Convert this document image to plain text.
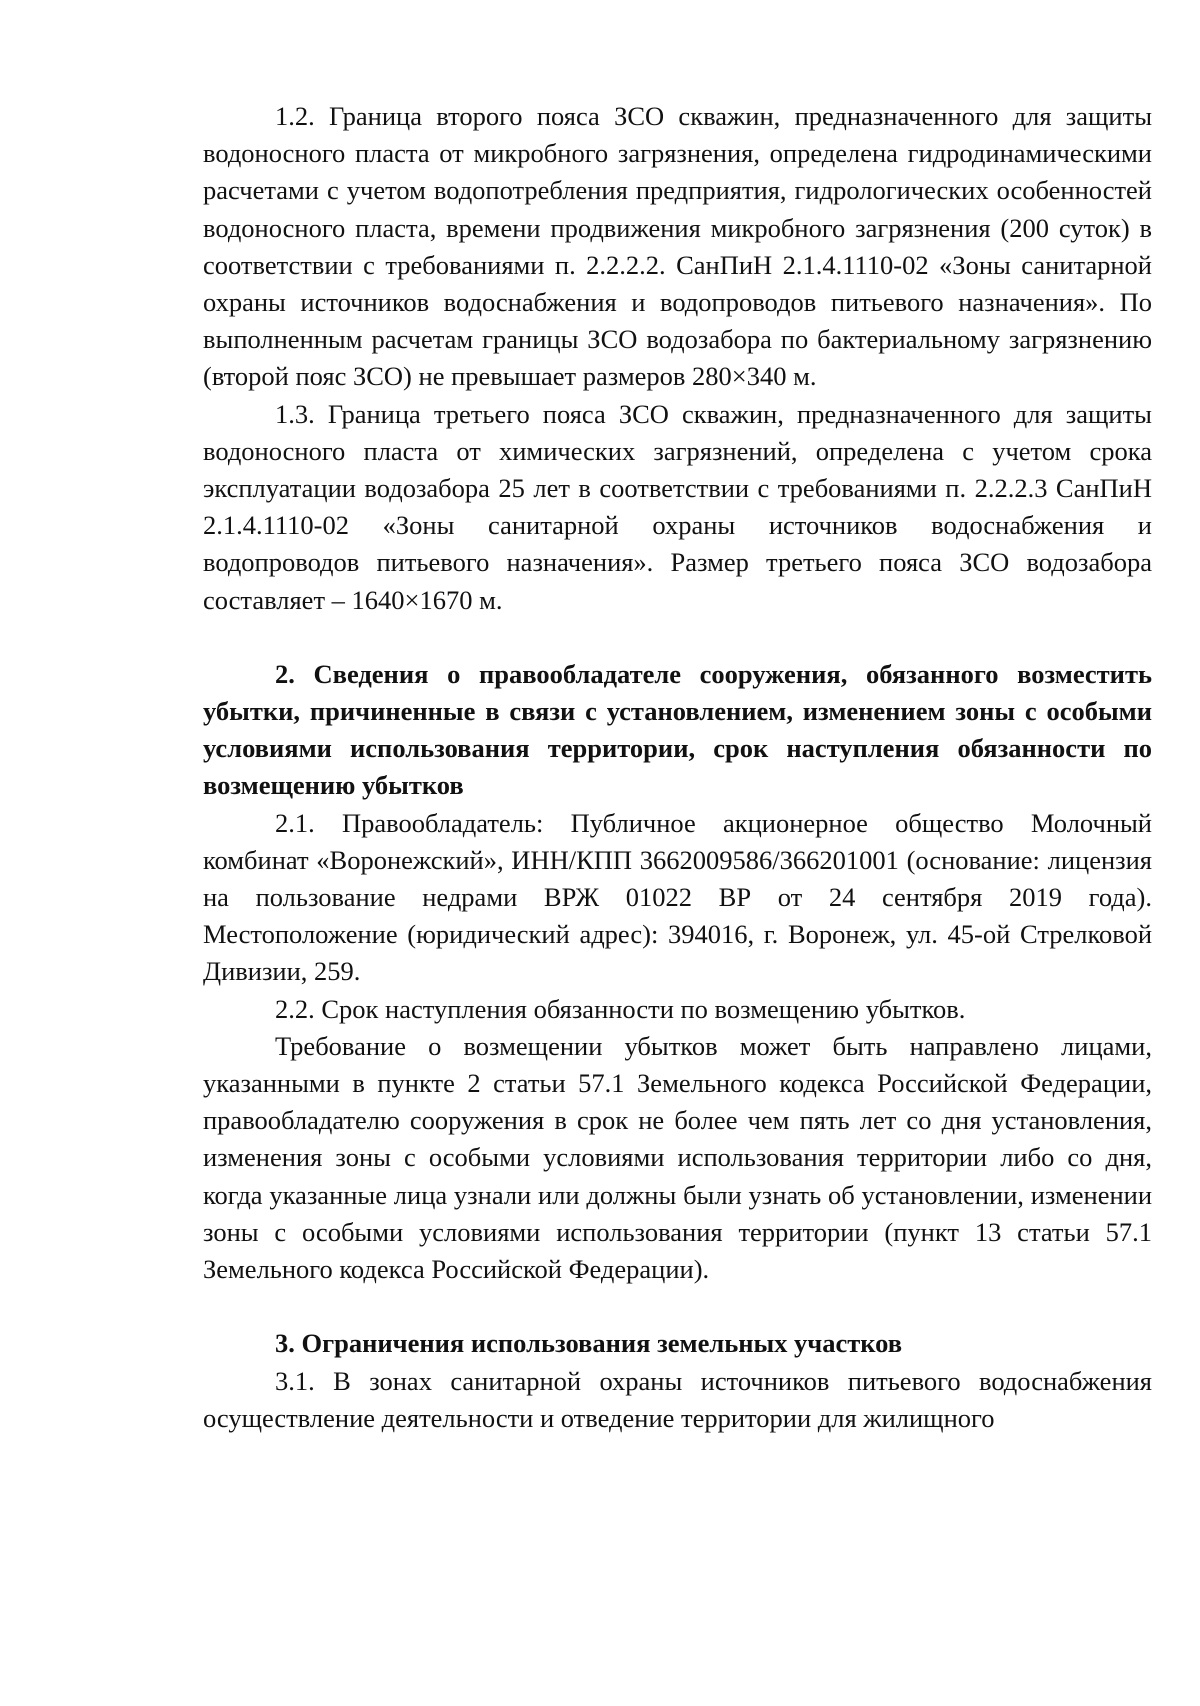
1.2. Граница второго пояса ЗСО скважин, предназначенного для защиты водоносного пласта от микробного загрязнения, определена гидродинамическими расчетами с учетом водопотребления предприятия, гидрологических особенностей водоносного пласта, времени продвижения микробного загрязнения (200 суток) в соответствии с требованиями п. 2.2.2.2. СанПиН 2.1.4.1110-02 «Зоны санитарной охраны источников водоснабжения и водопроводов питьевого назначения». По выполненным расчетам границы ЗСО водозабора по бактериальному загрязнению (второй пояс ЗСО) не превышает размеров 280×340 м.

1.3. Граница третьего пояса ЗСО скважин, предназначенного для защиты водоносного пласта от химических загрязнений, определена с учетом срока эксплуатации водозабора 25 лет в соответствии с требованиями п. 2.2.2.3 СанПиН 2.1.4.1110-02 «Зоны санитарной охраны источников водоснабжения и водопроводов питьевого назначения». Размер третьего пояса ЗСО водозабора составляет – 1640×1670 м.

2. Сведения о правообладателе сооружения, обязанного возместить убытки, причиненные в связи с установлением, изменением зоны с особыми условиями использования территории, срок наступления обязанности по возмещению убытков

2.1. Правообладатель: Публичное акционерное общество Молочный комбинат «Воронежский», ИНН/КПП 3662009586/366201001 (основание: лицензия на пользование недрами ВРЖ 01022 ВР от 24 сентября 2019 года). Местоположение (юридический адрес): 394016, г. Воронеж, ул. 45-ой Стрелковой Дивизии, 259.

2.2. Срок наступления обязанности по возмещению убытков.

Требование о возмещении убытков может быть направлено лицами, указанными в пункте 2 статьи 57.1 Земельного кодекса Российской Федерации, правообладателю сооружения в срок не более чем пять лет со дня установления, изменения зоны с особыми условиями использования территории либо со дня, когда указанные лица узнали или должны были узнать об установлении, изменении зоны с особыми условиями использования территории (пункт 13 статьи 57.1 Земельного кодекса Российской Федерации).

3. Ограничения использования земельных участков

3.1. В зонах санитарной охраны источников питьевого водоснабжения осуществление деятельности и отведение территории для жилищного
